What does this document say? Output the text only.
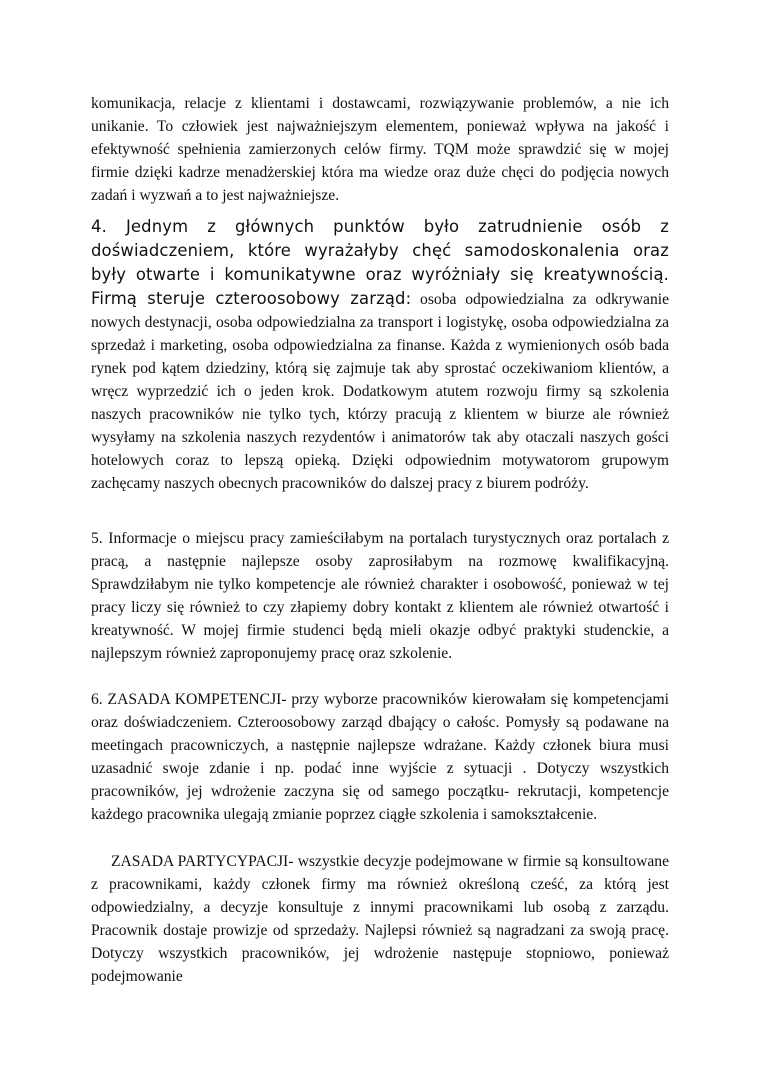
komunikacja, relacje z klientami i dostawcami, rozwiązywanie problemów, a nie ich unikanie. To człowiek jest najważniejszym elementem, ponieważ wpływa na jakość i efektywność spełnienia zamierzonych celów firmy. TQM może sprawdzić się w mojej firmie dzięki kadrze menadżerskiej która ma wiedze oraz duże chęci do podjęcia nowych zadań i wyzwań a to jest najważniejsze.

4. Jednym z głównych punktów było zatrudnienie osób z doświadczeniem, które wyrażałyby chęć samodoskonalenia oraz były otwarte i komunikatywne oraz wyróżniały się kreatywnością. Firmą steruje czteroosobowy zarząd: osoba odpowiedzialna za odkrywanie nowych destynacji, osoba odpowiedzialna za transport i logistykę, osoba odpowiedzialna za sprzedaż i marketing, osoba odpowiedzialna za finanse. Każda z wymienionych osób bada rynek pod kątem dziedziny, którą się zajmuje tak aby sprostać oczekiwaniom klientów, a wręcz wyprzedzić ich o jeden krok. Dodatkowym atutem rozwoju firmy są szkolenia naszych pracowników nie tylko tych, którzy pracują z klientem w biurze ale również wysyłamy na szkolenia naszych rezydentów i animatorów tak aby otaczali naszych gości hotelowych coraz to lepszą opieką. Dzięki odpowiednim motywatorom grupowym zachęcamy naszych obecnych pracowników do dalszej pracy z biurem podróży.

5. Informacje o miejscu pracy zamieściłabym na portalach turystycznych oraz portalach z pracą, a następnie najlepsze osoby zaprosiłabym na rozmowę kwalifikacyjną. Sprawdziłabym nie tylko kompetencje ale również charakter i osobowość, ponieważ w tej pracy liczy się również to czy złapiemy dobry kontakt z klientem ale również otwartość i kreatywność. W mojej firmie studenci będą mieli okazje odbyć praktyki studenckie, a najlepszym również zaproponujemy pracę oraz szkolenie.

6. ZASADA KOMPETENCJI- przy wyborze pracowników kierowałam się kompetencjami oraz doświadczeniem. Czteroosobowy zarząd dbający o całośc. Pomysły są podawane na meetingach pracowniczych, a następnie najlepsze wdrażane. Każdy członek biura musi uzasadnić swoje zdanie i np. podać inne wyjście z sytuacji . Dotyczy wszystkich pracowników, jej wdrożenie zaczyna się od samego początku- rekrutacji, kompetencje każdego pracownika ulegają zmianie poprzez ciągłe szkolenia i samokształcenie.

ZASADA PARTYCYPACJI- wszystkie decyzje podejmowane w firmie są konsultowane z pracownikami, każdy członek firmy ma również określoną cześć, za którą jest odpowiedzialny, a decyzje konsultuje z innymi pracownikami lub osobą z zarządu. Pracownik dostaje prowizje od sprzedaży. Najlepsi również są nagradzani za swoją pracę. Dotyczy wszystkich pracowników, jej wdrożenie następuje stopniowo, ponieważ podejmowanie
